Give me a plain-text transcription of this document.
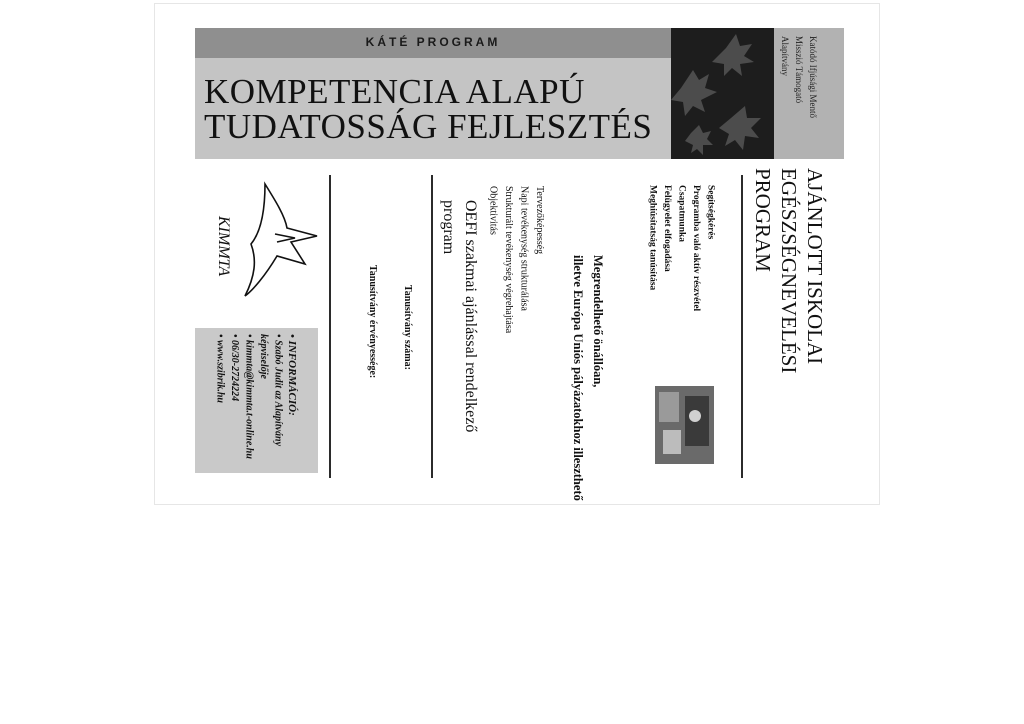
KÁTÉ PROGRAM
KOMPETENCIA ALAPÚ
TUDATOSSÁG FEJLESZTÉS
Katódó Ifjúsági Mentő
Misszió Támogató
Alapítvány
AJÁNLOTT ISKOLAI
EGÉSZSÉGNEVELÉSI
PROGRAM
Segítségkérés
Programba való aktív részvétel
Csapatmunka
Felügyelet elfogadása
Meghiúsítatság tanúsítása
Megrendelhető önállóan,
illetve Európa Uniós pályázatokhoz illeszthető
Tervezőképesség
Napi tevékenység strukturálása
Strukturált tevékenység végrehajtása
Objektivitás
OEFI szakmai ajánlással rendelkező
program
Tanusítvány száma:
Tanusítvány érvényessége:
KIMMTA
• INFORMÁCIÓ:
• Szabó Judit az Alapítvány
képviselője
• kimmta@kimmta.t-online.hu
• 06/30-2724224
• www.szibrik.hu
